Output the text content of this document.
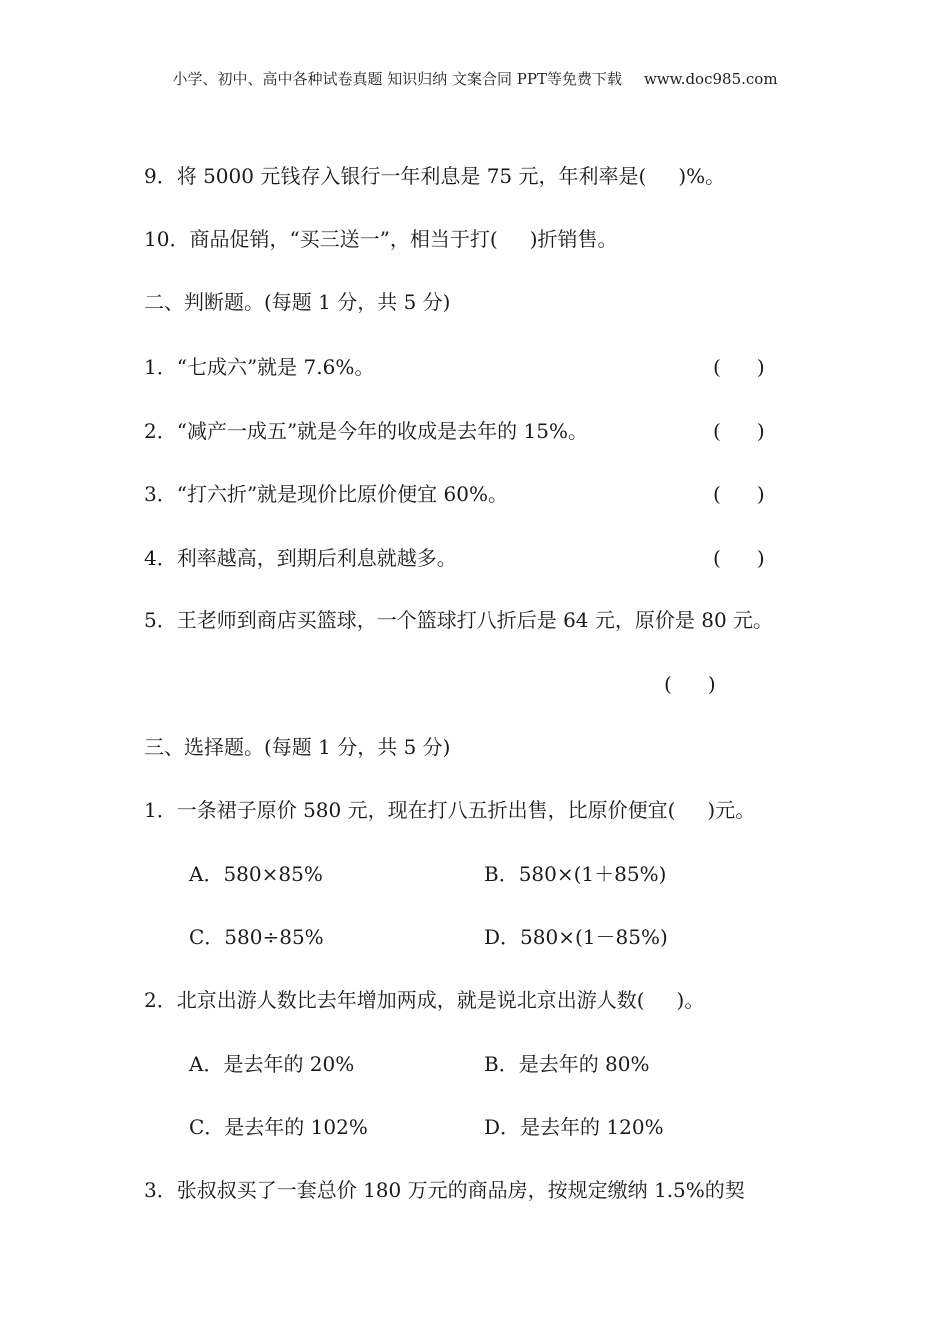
小学、初中、高中各种试卷真题 知识归纳 文案合同 PPT等免费下载 www.doc985.com
9．将 5000 元钱存入银行一年利息是 75 元，年利率是( )%。
10．商品促销，“买三送一”，相当于打( )折销售。
二、判断题。(每题 1 分，共 5 分)
1．“七成六”就是 7.6%。	( )
2．“减产一成五”就是今年的收成是去年的 15%。	( )
3．“打六折”就是现价比原价便宜 60%。	( )
4．利率越高，到期后利息就越多。	( )
5．王老师到商店买篮球，一个篮球打八折后是 64 元，原价是 80 元。
( )
三、选择题。(每题 1 分，共 5 分)
1．一条裙子原价 580 元，现在打八五折出售，比原价便宜( )元。
A．580×85%	B．580×(1＋85%)
C．580÷85%	D．580×(1－85%)
2．北京出游人数比去年增加两成，就是说北京出游人数( )。
A．是去年的 20%	B．是去年的 80%
C．是去年的 102%	D．是去年的 120%
3．张叔叔买了一套总价 180 万元的商品房，按规定缴纳 1.5%的契
